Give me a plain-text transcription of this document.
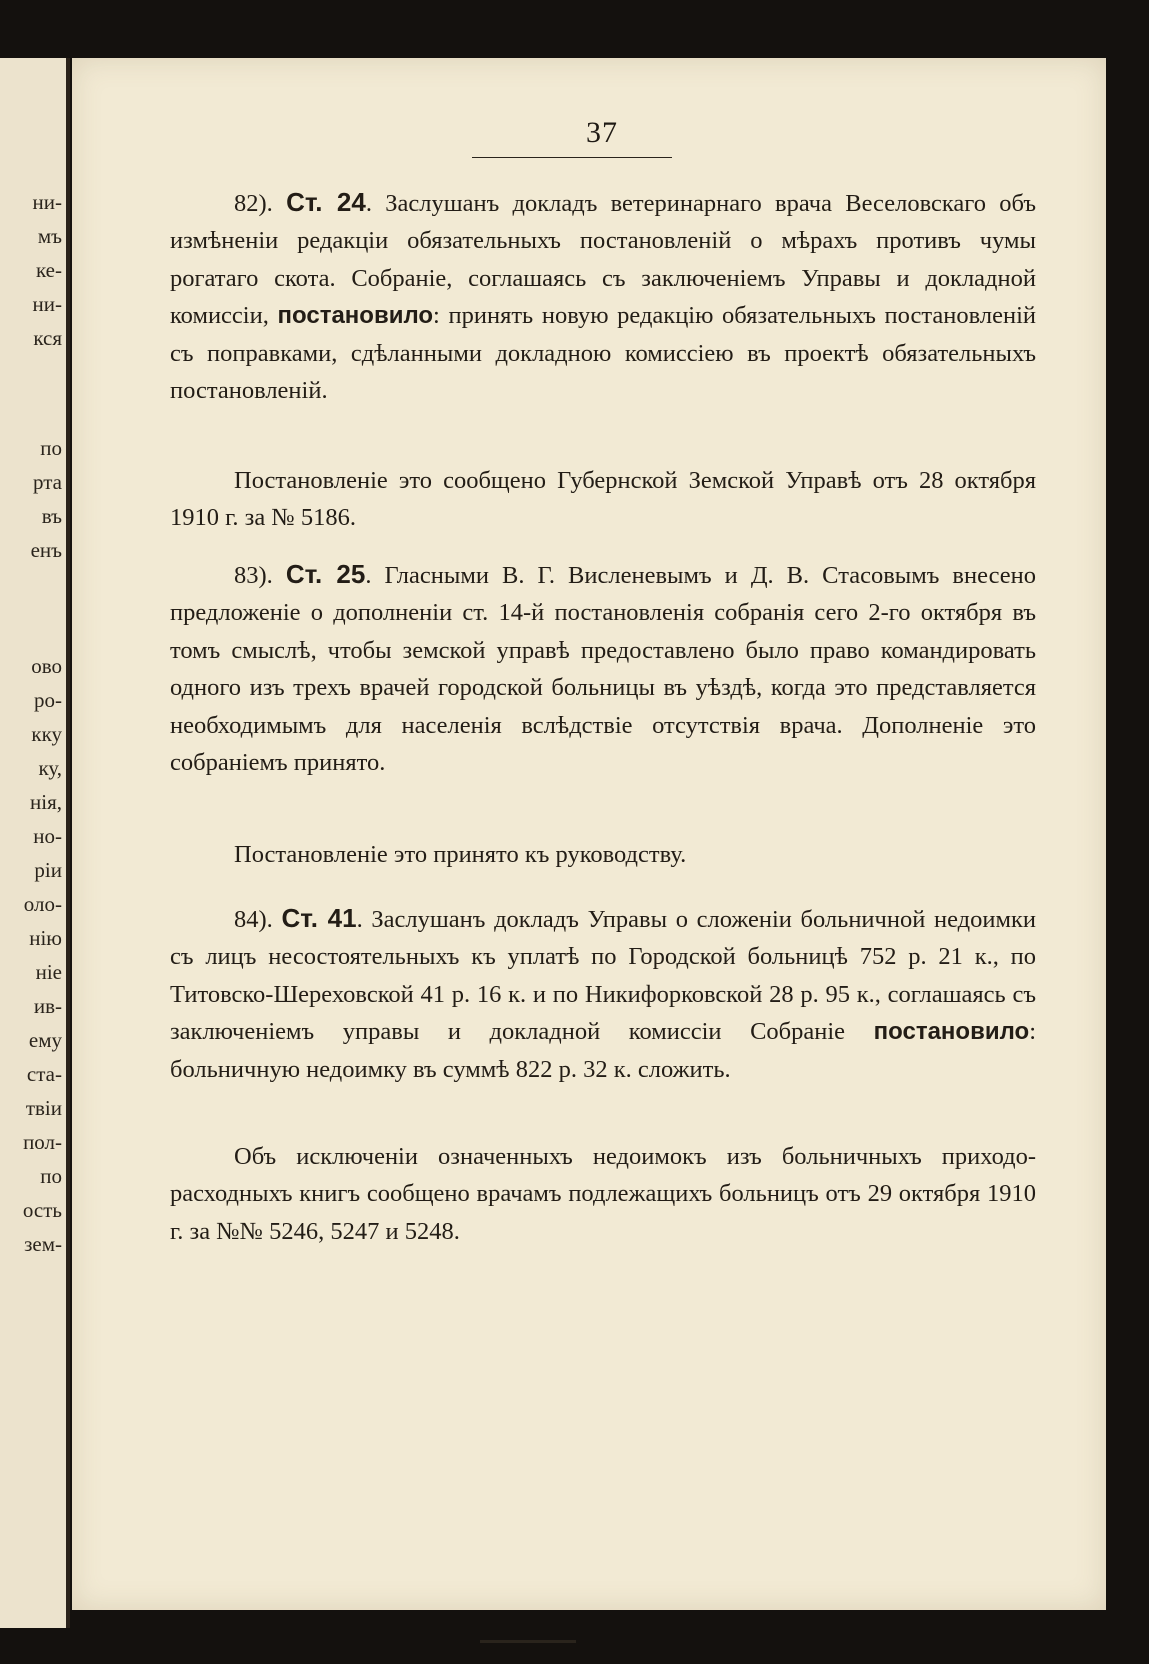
ни-
мъ
ке-
ни-
кся
по
рта
въ
енъ
ово
ро-
кку
ку,
нія,
но-
ріи
оло-
нію
ніе
ив-
ему
ста-
твіи
пол-
по
ость
зем-
37

82). Ст. 24. Заслушанъ докладъ ветеринарнаго врача Веселовскаго объ измѣненіи редакціи обязательныхъ постановленій о мѣрахъ противъ чумы рогатаго скота. Собраніе, соглашаясь съ заключеніемъ Управы и докладной комиссіи, постановило: принять новую редакцію обязательныхъ постановленій съ поправками, сдѣланными докладною комиссіею въ проектѣ обязательныхъ постановленій.

Постановленіе это сообщено Губернской Земской Управѣ отъ 28 октября 1910 г. за № 5186.

83). Ст. 25. Гласными В. Г. Висленевымъ и Д. В. Стасовымъ внесено предложеніе о дополненіи ст. 14-й постановленія собранія сего 2-го октября въ томъ смыслѣ, чтобы земской управѣ предоставлено было право командировать одного изъ трехъ врачей городской больницы въ уѣздѣ, когда это представляется необходимымъ для населенія вслѣдствіе отсутствія врача. Дополненіе это собраніемъ принято.

Постановленіе это принято къ руководству.

84). Ст. 41. Заслушанъ докладъ Управы о сложеніи больничной недоимки съ лицъ несостоятельныхъ къ уплатѣ по Городской больницѣ 752 р. 21 к., по Титовско-Шереховской 41 р. 16 к. и по Никифорковской 28 р. 95 к., соглашаясь съ заключеніемъ управы и докладной комиссіи Собраніе постановило: больничную недоимку въ суммѣ 822 р. 32 к. сложить.

Объ исключеніи означенныхъ недоимокъ изъ больничныхъ приходо-расходныхъ книгъ сообщено врачамъ подлежащихъ больницъ отъ 29 октября 1910 г. за №№ 5246, 5247 и 5248.
